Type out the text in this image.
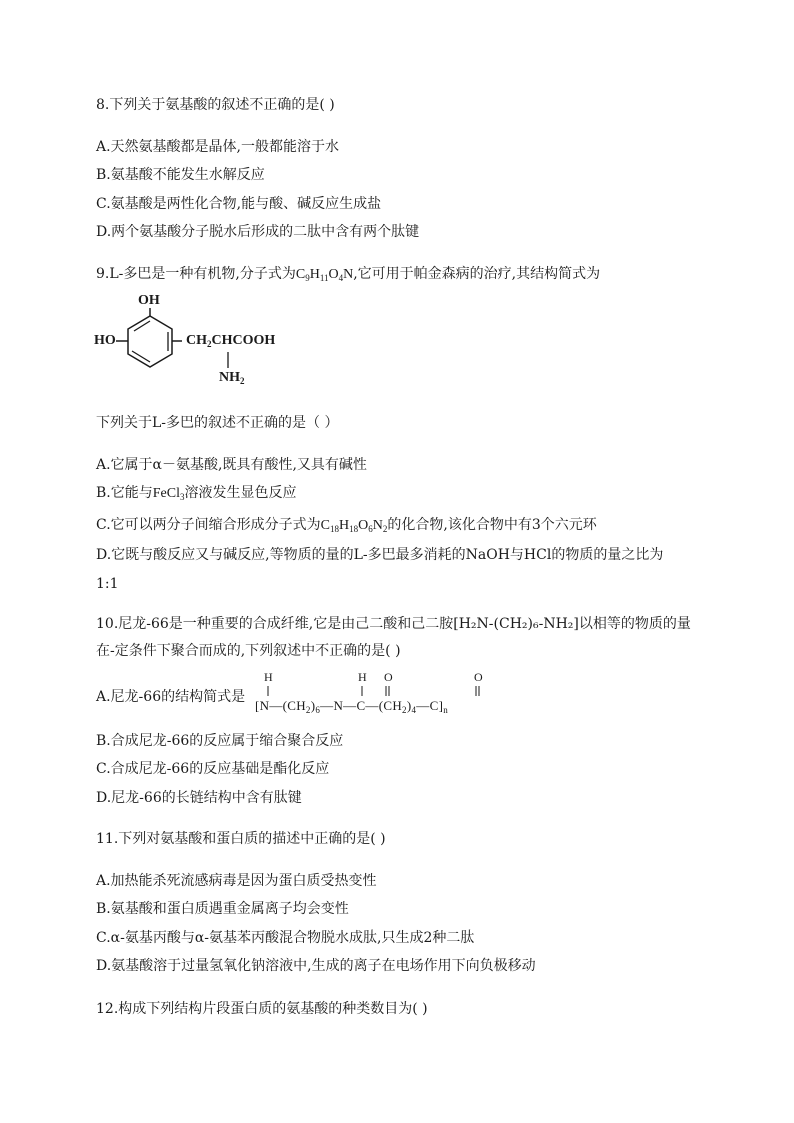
8.下列关于氨基酸的叙述不正确的是( )
A.天然氨基酸都是晶体,一般都能溶于水
B.氨基酸不能发生水解反应
C.氨基酸是两性化合物,能与酸、碱反应生成盐
D.两个氨基酸分子脱水后形成的二肽中含有两个肽键
9.L-多巴是一种有机物,分子式为$C_9H_{11}O_4N$,它可用于帕金森病的治疗,其结构简式为
OH
HO	$CH_2CHCOOH$
$NH_2$
下列关于L-多巴的叙述不正确的是（ ）
A.它属于α－氨基酸,既具有酸性,又具有碱性
B.它能与FeCl$_3$溶液发生显色反应
C.它可以两分子间缩合形成分子式为$C_{18}H_{18}O_6N_2$的化合物,该化合物中有3个六元环
D.它既与酸反应又与碱反应,等物质的量的L-多巴最多消耗的NaOH与HCl的物质的量之比为
1:1
10.尼龙-66是一种重要的合成纤维,它是由己二酸和己二胺[H₂N-(CH₂)₆-NH₂]以相等的物质的量
在-定条件下聚合而成的,下列叙述中不正确的是( )
A.尼龙-66的结构简式是
H	H O	O
$[N—(CH_2)_6—N—C—(CH_2)_4—C]_n$
B.合成尼龙-66的反应属于缩合聚合反应
C.合成尼龙-66的反应基础是酯化反应
D.尼龙-66的长链结构中含有肽键
11.下列对氨基酸和蛋白质的描述中正确的是( )
A.加热能杀死流感病毒是因为蛋白质受热变性
B.氨基酸和蛋白质遇重金属离子均会变性
C.α-氨基丙酸与α-氨基苯丙酸混合物脱水成肽,只生成2种二肽
D.氨基酸溶于过量氢氧化钠溶液中,生成的离子在电场作用下向负极移动
12.构成下列结构片段蛋白质的氨基酸的种类数目为( )
